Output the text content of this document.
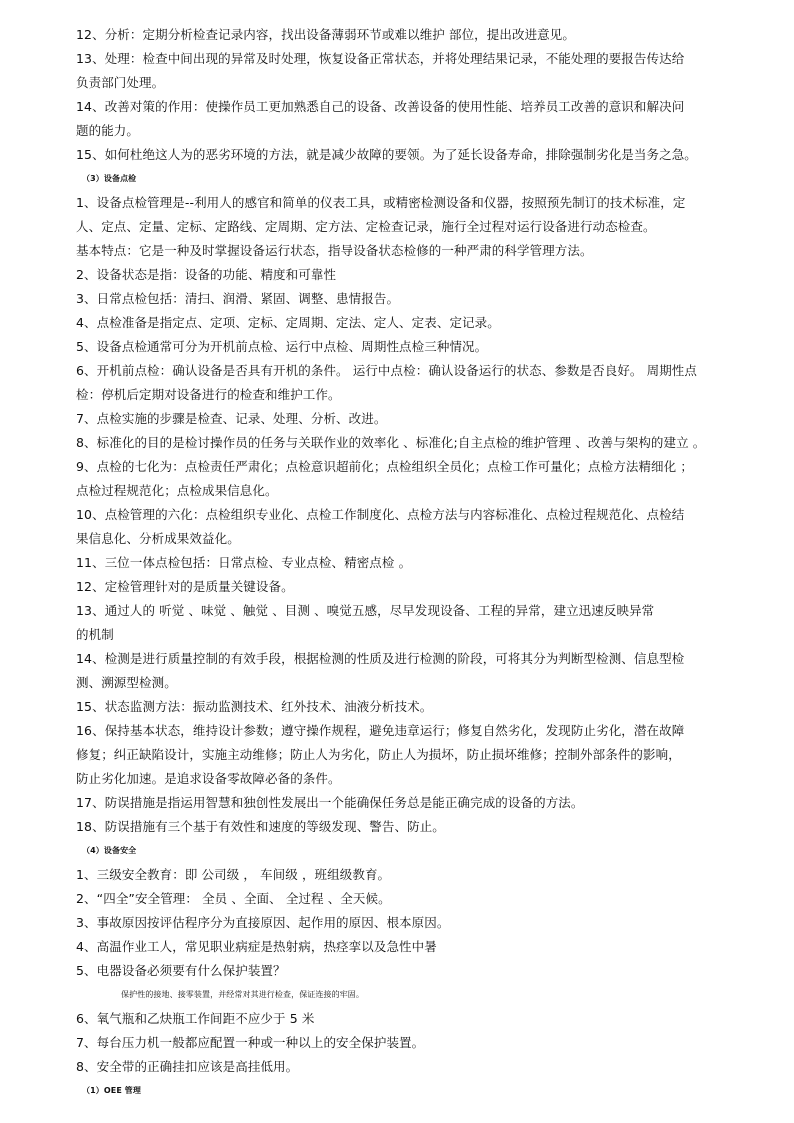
12、分析：定期分析检查记录内容，找出设备薄弱环节或难以维护 部位，提出改进意见。
13、处理：检查中间出现的异常及时处理，恢复设备正常状态，并将处理结果记录，不能处理的要报告传达给
负责部门处理。
14、改善对策的作用：使操作员工更加熟悉自己的设备、改善设备的使用性能、培养员工改善的意识和解决问
题的能力。
15、如何杜绝这人为的恶劣环境的方法，就是减少故障的要领。为了延长设备寿命，排除强制劣化是当务之急。
（3）设备点检
1、设备点检管理是--利用人的感官和简单的仪表工具，或精密检测设备和仪器，按照预先制订的技术标准，定
人、定点、定量、定标、定路线、定周期、定方法、定检查记录，施行全过程对运行设备进行动态检查。
基本特点：它是一种及时掌握设备运行状态，指导设备状态检修的一种严肃的科学管理方法。
2、设备状态是指：设备的功能、精度和可靠性
3、日常点检包括：清扫、润滑、紧固、调整、患情报告。
4、点检准备是指定点、定项、定标、定周期、定法、定人、定表、定记录。
5、设备点检通常可分为开机前点检、运行中点检、周期性点检三种情况。
6、开机前点检：确认设备是否具有开机的条件。 运行中点检：确认设备运行的状态、参数是否良好。 周期性点
检：停机后定期对设备进行的检查和维护工作。
7、点检实施的步骤是检查、记录、处理、分析、改进。
8、标准化的目的是检讨操作员的任务与关联作业的效率化 、标准化;自主点检的维护管理 、改善与架构的建立 。
9、点检的七化为：点检责任严肃化；点检意识超前化；点检组织全员化；点检工作可量化；点检方法精细化 ；
点检过程规范化；点检成果信息化。
10、点检管理的六化：点检组织专业化、点检工作制度化、点检方法与内容标准化、点检过程规范化、点检结
果信息化、分析成果效益化。
11、三位一体点检包括：日常点检、专业点检、精密点检 。
12、定检管理针对的是质量关键设备。
13、通过人的 听觉 、味觉 、触觉 、目测 、嗅觉五感，尽早发现设备、工程的异常，建立迅速反映异常
的机制
14、检测是进行质量控制的有效手段，根据检测的性质及进行检测的阶段，可将其分为判断型检测、信息型检
测、溯源型检测。
15、状态监测方法：振动监测技术、红外技术、油液分析技术。
16、保持基本状态，维持设计参数；遵守操作规程，避免违章运行；修复自然劣化，发现防止劣化，潜在故障
修复；纠正缺陷设计，实施主动维修；防止人为劣化，防止人为损坏，防止损坏维修；控制外部条件的影响，
防止劣化加速。是追求设备零故障必备的条件。
17、防误措施是指运用智慧和独创性发展出一个能确保任务总是能正确完成的设备的方法。
18、防误措施有三个基于有效性和速度的等级发现、警告、防止。
（4）设备安全
1、三级安全教育：即 公司级 ， 车间级 ，班组级教育。
2、“四全”安全管理： 全员 、全面、 全过程 、全天候。
3、事故原因按评估程序分为直接原因、起作用的原因、根本原因。
4、高温作业工人，常见职业病症是热射病，热痉挛以及急性中暑
5、电器设备必须要有什么保护装置？
保护性的接地、接零装置，并经常对其进行检查，保证连接的牢固。
6、氧气瓶和乙炔瓶工作间距不应少于 5 米
7、每台压力机一般都应配置一种或一种以上的安全保护装置。
8、安全带的正确挂扣应该是高挂低用。
（1）OEE 管理
